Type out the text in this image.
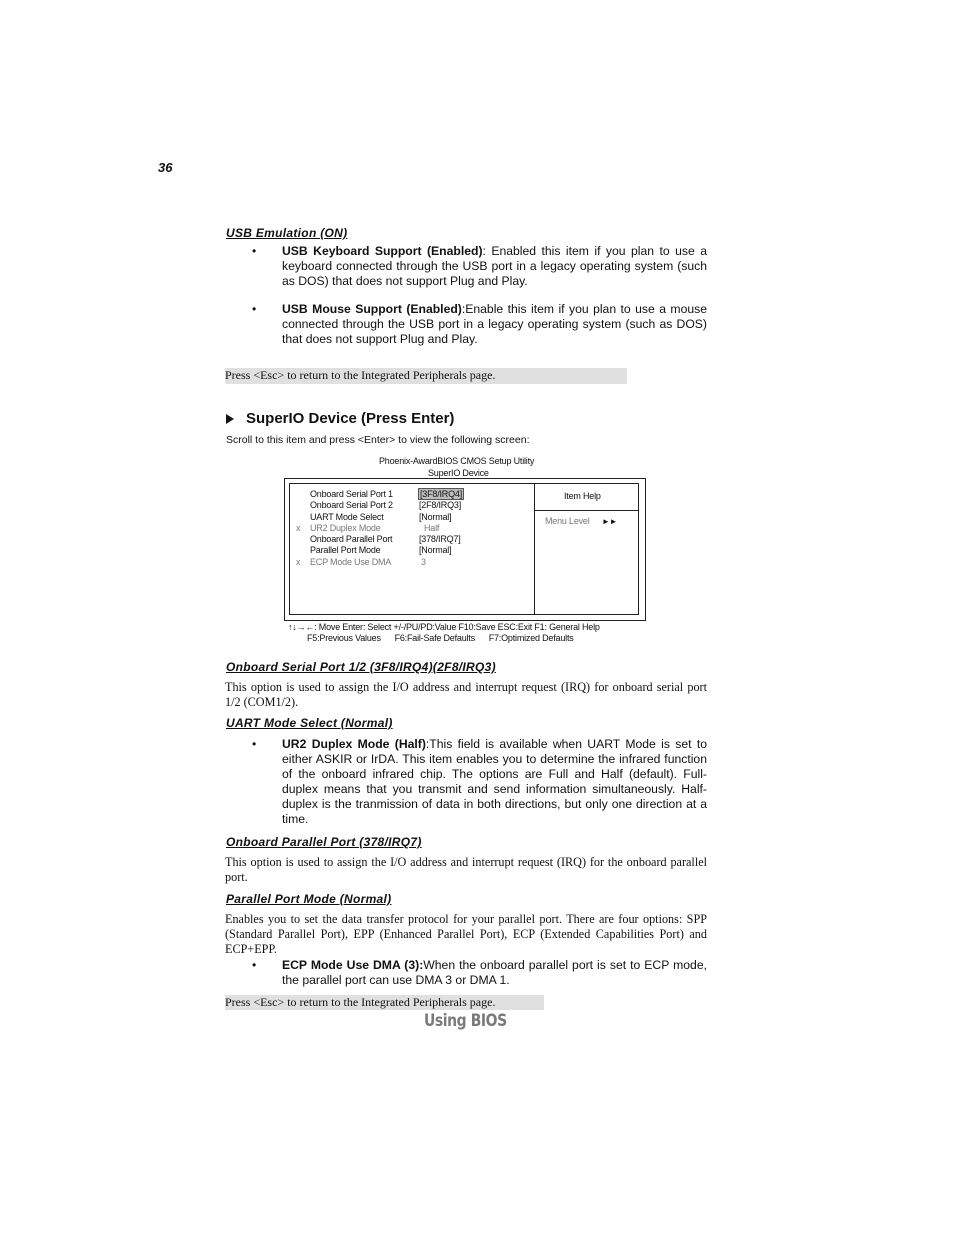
36
USB Emulation (ON)
• USB Keyboard Support (Enabled): Enabled this item if you plan to use a keyboard connected through the USB port in a legacy operating system (such as DOS) that does not support Plug and Play.
• USB Mouse Support (Enabled):Enable this item if you plan to use a mouse connected through the USB port in a legacy operating system (such as DOS) that does not support Plug and Play.
Press <Esc> to return to the Integrated Peripherals page.
SuperIO Device (Press Enter)
Scroll to this item and press <Enter> to view the following screen:
Phoenix-AwardBIOS CMOS Setup Utility
SuperIO Device
Onboard Serial Port 1	[3F8/IRQ4]
Onboard Serial Port 2	[2F8/IRQ3]
UART Mode Select	[Normal]
x UR2 Duplex Mode	Half
Onboard Parallel Port	[378/IRQ7]
Parallel Port Mode	[Normal]
x ECP Mode Use DMA	3
Item Help
Menu Level ►►
↑↓→←: Move Enter: Select +/-/PU/PD:Value F10:Save ESC:Exit F1: General Help
F5:Previous Values      F6:Fail-Safe Defaults      F7:Optimized Defaults
Onboard Serial Port 1/2 (3F8/IRQ4)(2F8/IRQ3)
This option is used to assign the I/O address and interrupt request (IRQ) for onboard serial port 1/2 (COM1/2).
UART Mode Select (Normal)
• UR2 Duplex Mode (Half):This field is available when UART Mode is set to either ASKIR or IrDA. This item enables you to determine the infrared function of the onboard infrared chip. The options are Full and Half (default). Full-duplex means that you transmit and send information simultaneously. Half-duplex is the tranmission of data in both directions, but only one direction at a time.
Onboard Parallel Port (378/IRQ7)
This option is used to assign the I/O address and interrupt request (IRQ) for the onboard parallel port.
Parallel Port Mode (Normal)
Enables you to set the data transfer protocol for your parallel port. There are four options: SPP (Standard Parallel Port), EPP (Enhanced Parallel Port), ECP (Extended Capabilities Port) and ECP+EPP.
• ECP Mode Use DMA (3):When the onboard parallel port is set to ECP mode, the parallel port can use DMA 3 or DMA 1.
Press <Esc> to return to the Integrated Peripherals page.
Using BIOS
